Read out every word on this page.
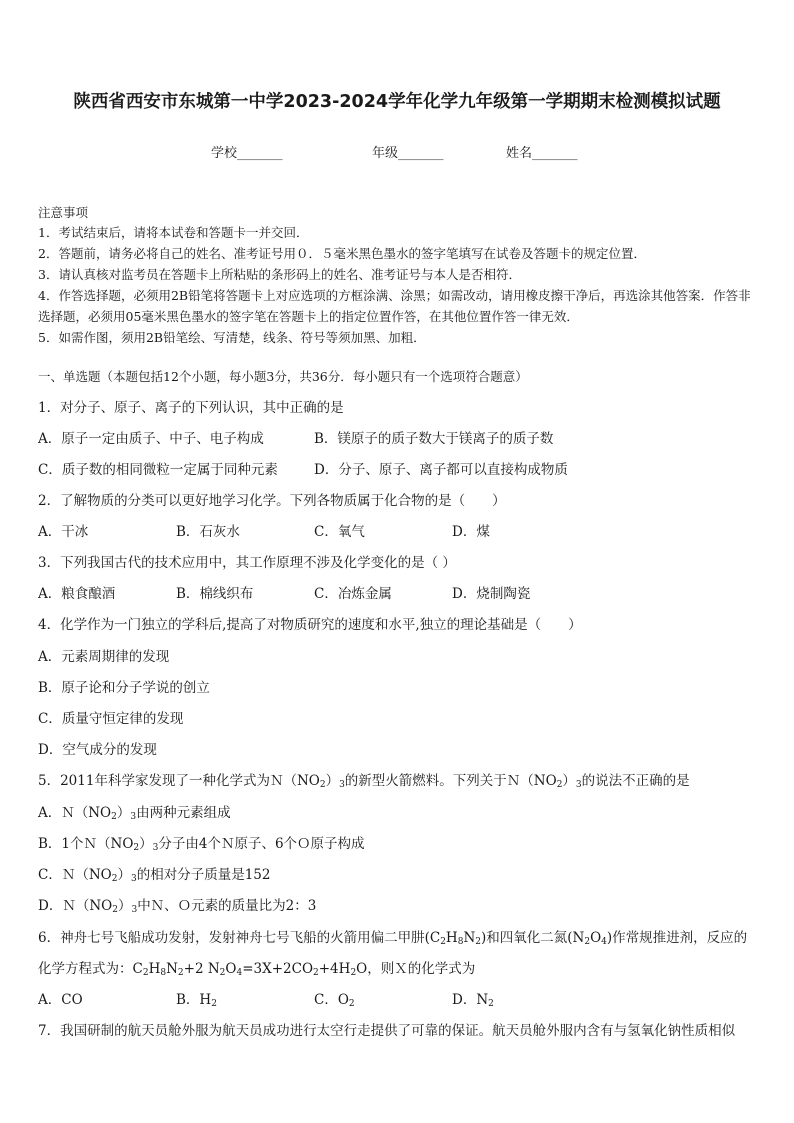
陕西省西安市东城第一中学2023-2024学年化学九年级第一学期期末检测模拟试题
学校_______	年级_______	姓名_______
注意事项
1．考试结束后，请将本试卷和答题卡一并交回．
2．答题前，请务必将自己的姓名、准考证号用０．５毫米黑色墨水的签字笔填写在试卷及答题卡的规定位置．
3．请认真核对监考员在答题卡上所粘贴的条形码上的姓名、准考证号与本人是否相符．
4．作答选择题，必须用2B铅笔将答题卡上对应选项的方框涂满、涂黑；如需改动，请用橡皮擦干净后，再选涂其他答案．作答非选择题，必须用05毫米黑色墨水的签字笔在答题卡上的指定位置作答，在其他位置作答一律无效．
5．如需作图，须用2B铅笔绘、写清楚，线条、符号等须加黑、加粗．
一、单选题（本题包括12个小题，每小题3分，共36分．每小题只有一个选项符合题意）
1．对分子、原子、离子的下列认识，其中正确的是
A．原子一定由质子、中子、电子构成	B．镁原子的质子数大于镁离子的质子数
C．质子数的相同微粒一定属于同种元素	D．分子、原子、离子都可以直接构成物质
2．了解物质的分类可以更好地学习化学。下列各物质属于化合物的是（　　）
A．干冰	B．石灰水	C．氧气	D．煤
3．下列我国古代的技术应用中，其工作原理不涉及化学变化的是（ ）
A．粮食酿酒	B．棉线织布	C．冶炼金属	D．烧制陶瓷
4．化学作为一门独立的学科后,提高了对物质研究的速度和水平,独立的理论基础是（　　）
A．元素周期律的发现
B．原子论和分子学说的创立
C．质量守恒定律的发现
D．空气成分的发现
5．2011年科学家发现了一种化学式为$N(NO_2)_3$的新型火箭燃料。下列关于$N(NO_2)_3$的说法不正确的是
A．$N(NO_2)_3$由两种元素组成
B．1个$N(NO_2)_3$分子由4个Ｎ原子、6个Ｏ原子构成
C．$N(NO_2)_3$的相对分子质量是152
D．$N(NO_2)_3$中Ｎ、Ｏ元素的质量比为2：3
6．神舟七号飞船成功发射，发射神舟七号飞船的火箭用偏二甲肼$(C_2H_8N_2)$和四氧化二氮$(N_2O_4)$作常规推进剂，反应的
化学方程式为：$C_2H_8N_2+2$ $N_2O_4=3X+2CO_2+4H_2O$，则Ｘ的化学式为
A．CO	B．$H_2$	C．$O_2$	D．$N_2$
7．我国研制的航天员舱外服为航天员成功进行太空行走提供了可靠的保证。航天员舱外服内含有与氢氧化钠性质相似
